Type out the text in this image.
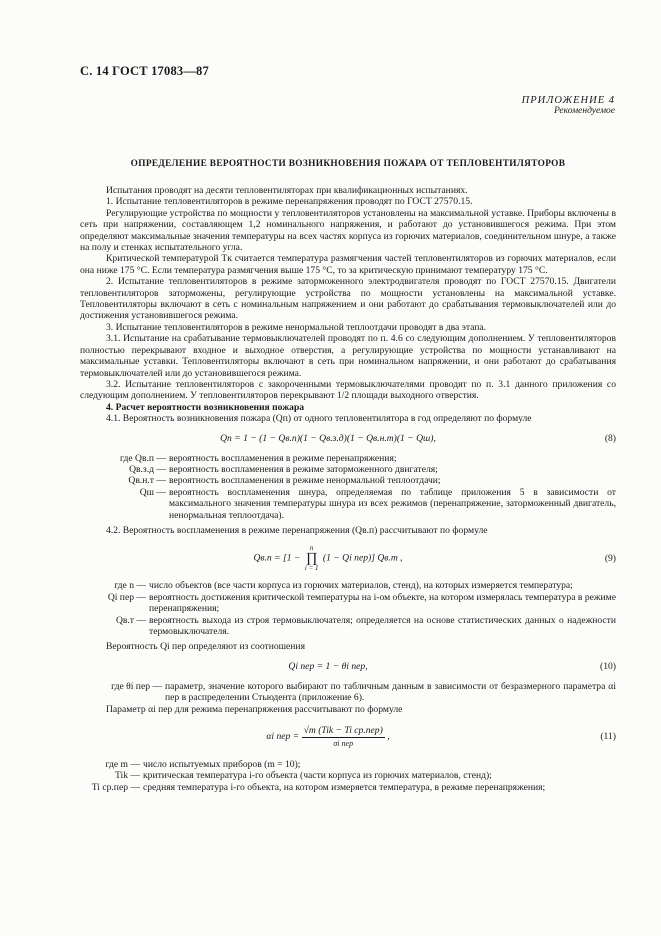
С. 14 ГОСТ 17083—87
ПРИЛОЖЕНИЕ 4
Рекомендуемое
ОПРЕДЕЛЕНИЕ ВЕРОЯТНОСТИ ВОЗНИКНОВЕНИЯ ПОЖАРА ОТ ТЕПЛОВЕНТИЛЯТОРОВ

Испытания проводят на десяти тепловентиляторах при квалификационных испытаниях.

1. Испытание тепловентиляторов в режиме перенапряжения проводят по ГОСТ 27570.15.

Регулирующие устройства по мощности у тепловентиляторов установлены на максимальной уставке. Приборы включены в сеть при напряжении, составляющем 1,2 номинального напряжения, и работают до установившегося режима. При этом определяют максимальные значения температуры на всех частях корпуса из горючих материалов, соединительном шнуре, а также на полу и стенках испытательного угла.

Критической температурой Tк считается температура размягчения частей тепловентиляторов из горючих материалов, если она ниже 175 °С. Если температура размягчения выше 175 °С, то за критическую принимают температуру 175 °С.

2. Испытание тепловентиляторов в режиме заторможенного электродвигателя проводят по ГОСТ 27570.15. Двигатели тепловентиляторов заторможены, регулирующие устройства по мощности установлены на максимальной уставке. Тепловентиляторы включают в сеть с номинальным напряжением и они работают до срабатывания термовыключателей или до достижения установившегося режима.

3. Испытание тепловентиляторов в режиме ненормальной теплоотдачи проводят в два этапа.

3.1. Испытание на срабатывание термовыключателей проводят по п. 4.6 со следующим дополнением. У тепловентиляторов полностью перекрывают входное и выходное отверстия, а регулирующие устройства по мощности устанавливают на максимальные уставки. Тепловентиляторы включают в сеть при номинальном напряжении, и они работают до срабатывания термовыключателей или до установившегося режима.

3.2. Испытание тепловентиляторов с закороченными термовыключателями проводят по п. 3.1 данного приложения со следующим дополнением. У тепловентиляторов перекрывают 1/2 площади выходного отверстия.

4. Расчет вероятности возникновения пожара

4.1. Вероятность возникновения пожара (Qп) от одного тепловентилятора в год определяют по формуле

Qп = 1 − (1 − Qв.п)(1 − Qв.з.д)(1 − Qв.н.т)(1 − Qш),	(8)
где Qв.п — вероятность воспламенения в режиме перенапряжения;
Qв.з.д — вероятность воспламенения в режиме заторможенного двигателя;
Qв.н.т — вероятность воспламенения в режиме ненормальной теплоотдачи;
Qш — вероятность воспламенения шнура, определяемая по таблице приложения 5 в зависимости от максимального значения температуры шнура из всех режимов (перенапряжение, заторможенный двигатель, ненормальная теплоотдача).

4.2. Вероятность воспламенения в режиме перенапряжения (Qв.п) рассчитывают по формуле

Qв.п = [1 −
n
∏
i = 1
(1 − Qi пер)] Qв.т ,	(9)
где n — число объектов (все части корпуса из горючих материалов, стенд), на которых измеряется температура;
Qi пер — вероятность достижения критической температуры на i-ом объекте, на котором измерялась температура в режиме перенапряжения;
Qв.т — вероятность выхода из строя термовыключателя; определяется на основе статистических данных о надежности термовыключателя.

Вероятность Qi пер определяют из соотношения

Qi пер = 1 − θi пер,	(10)
где θi пер — параметр, значение которого выбирают по табличным данным в зависимости от безразмерного параметра αi пер в распределении Стьюдента (приложение 6).

Параметр αi пер для режима перенапряжения рассчитывают по формуле

αi пер = $\frac{\text{√m (Tik − Ti ср.пер)}}{\text{σi пер}}$ ,	(11)
где m — число испытуемых приборов (m = 10);
Tik — критическая температура i-го объекта (части корпуса из горючих материалов, стенд);
Ti ср.пер — средняя температура i-го объекта, на котором измеряется температура, в режиме перенапряжения;
